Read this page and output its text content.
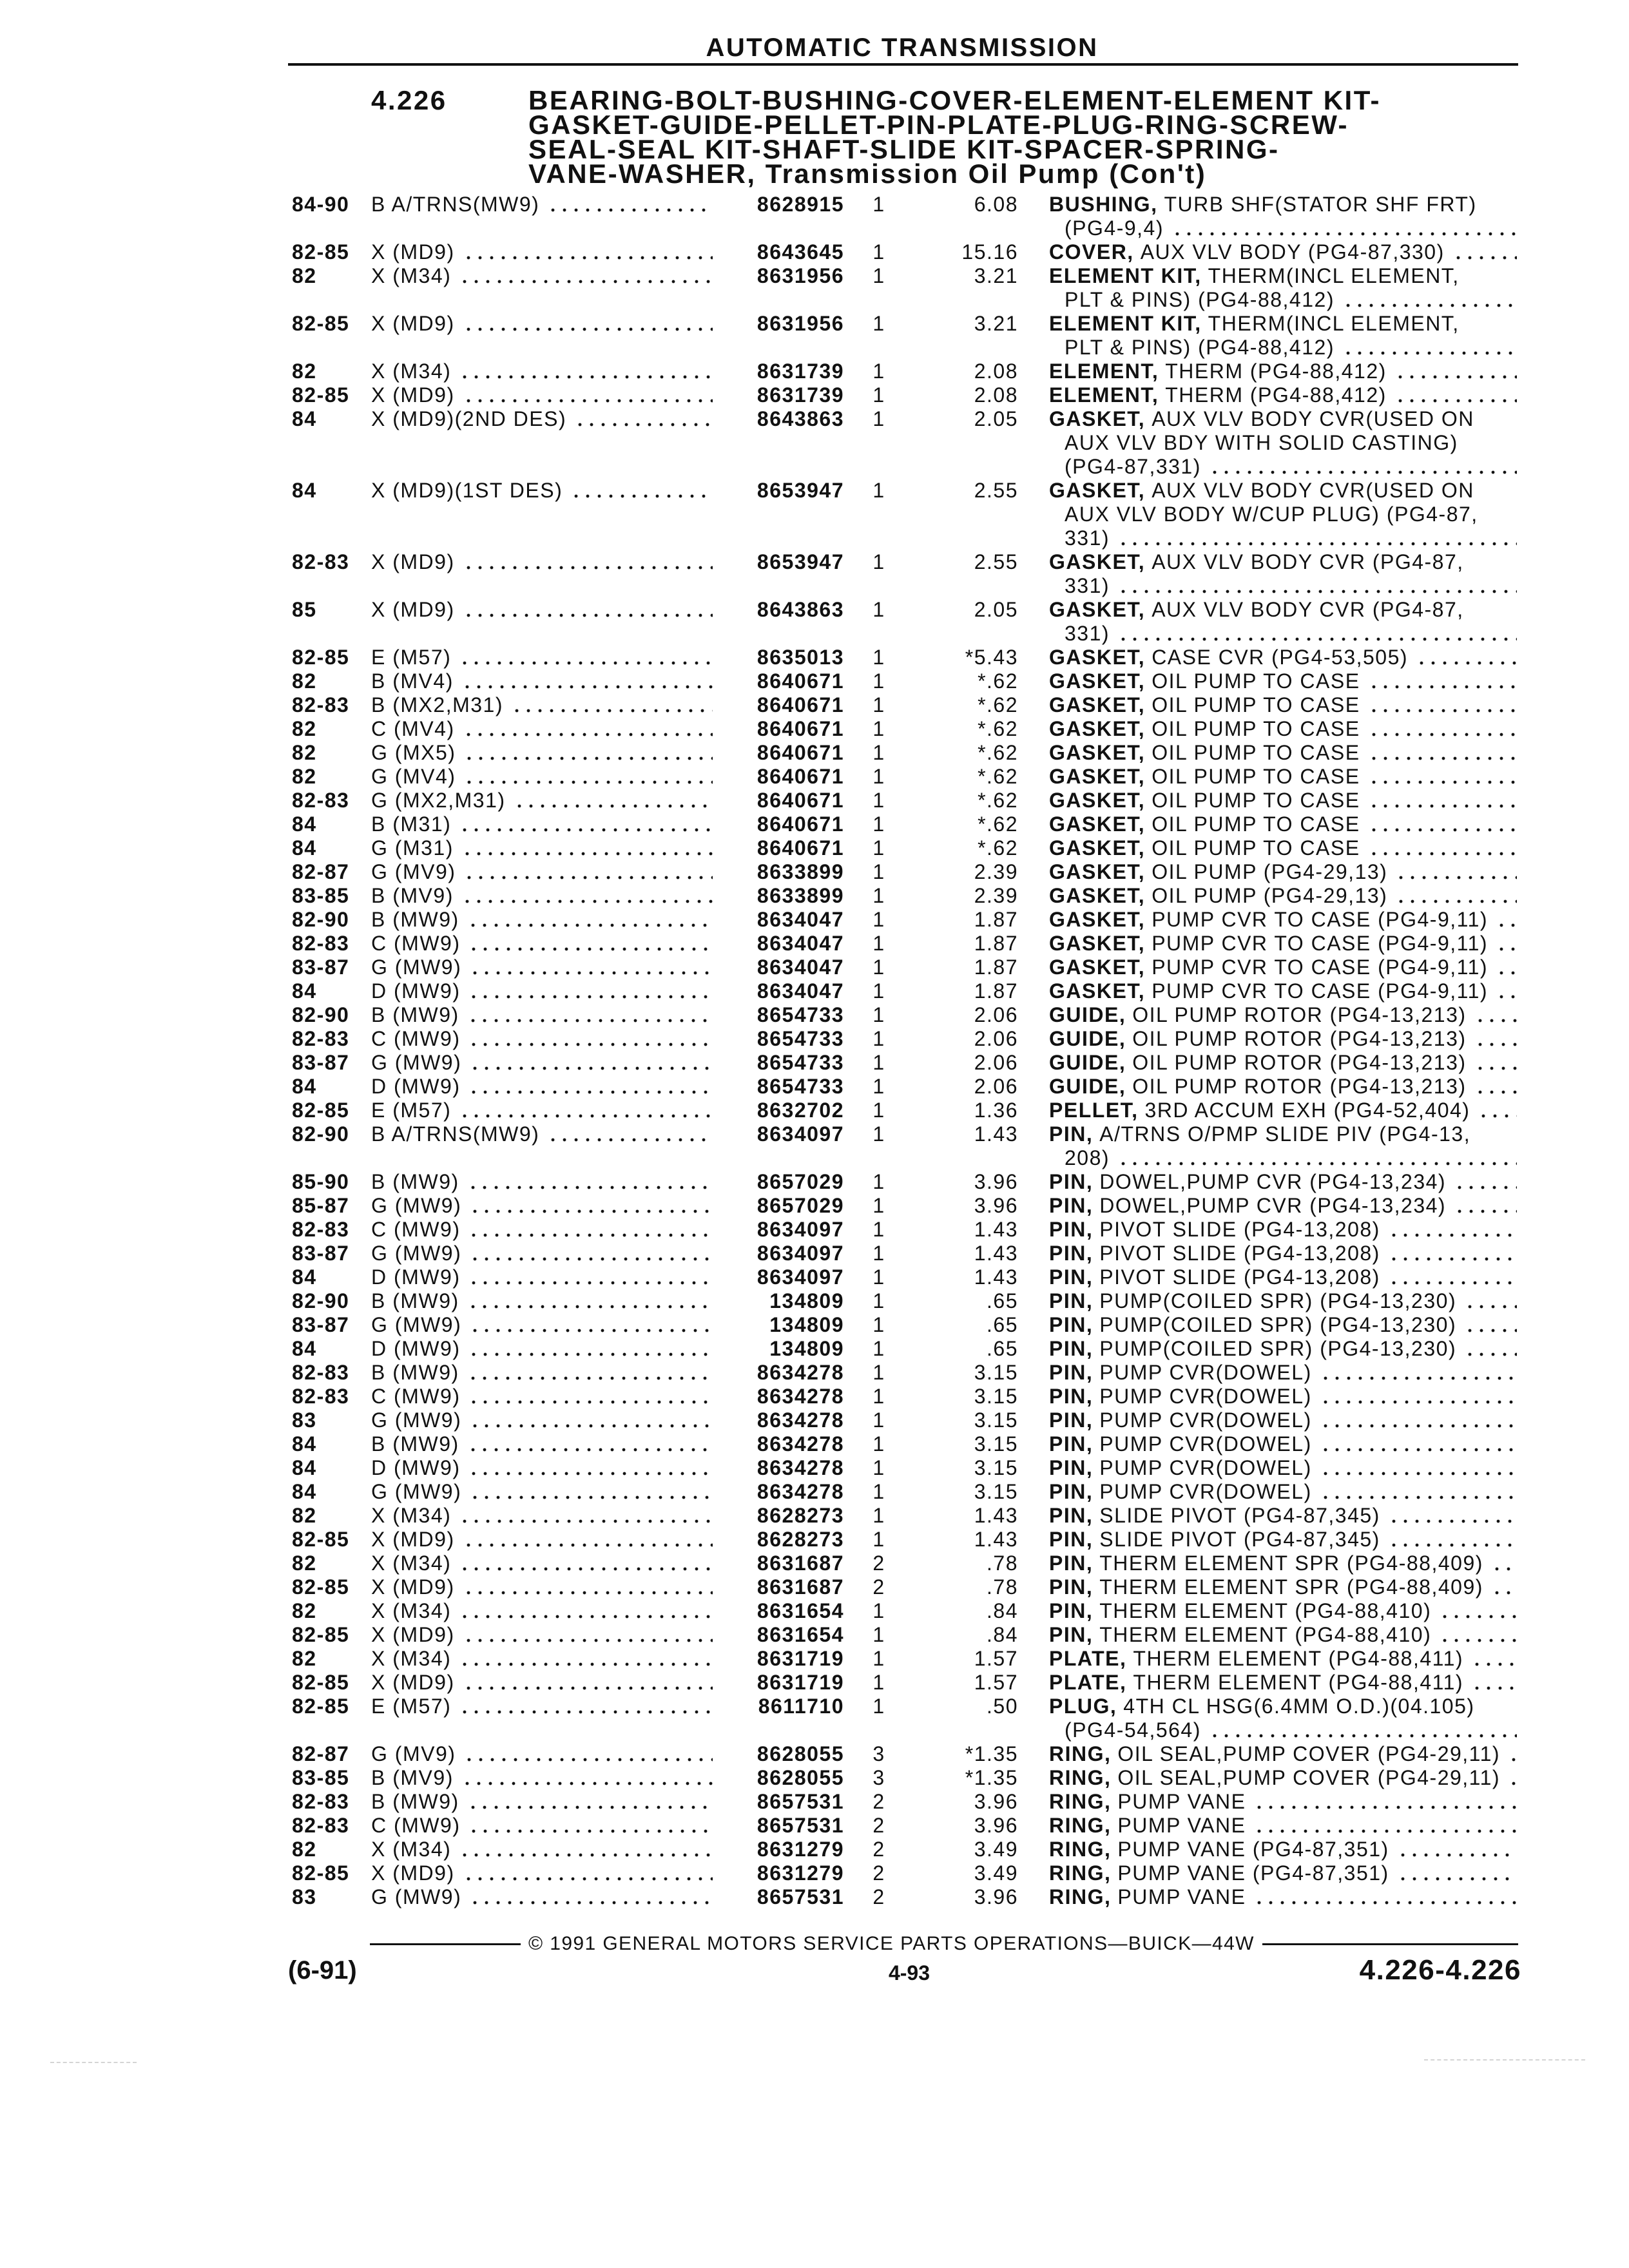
AUTOMATIC TRANSMISSION
4.226	BEARING-BOLT-BUSHING-COVER-ELEMENT-ELEMENT KIT-
GASKET-GUIDE-PELLET-PIN-PLATE-PLUG-RING-SCREW-
SEAL-SEAL KIT-SHAFT-SLIDE KIT-SPACER-SPRING-
VANE-WASHER, Transmission Oil Pump (Con't)
84-90 B A/TRNS(MW9)	8628915	1	6.08 BUSHING, TURB SHF(STATOR SHF FRT)
(PG4-9,4)
82-85 X (MD9)	8643645	1	15.16 COVER, AUX VLV BODY (PG4-87,330)
82	X (M34)	8631956	1	3.21 ELEMENT KIT, THERM(INCL ELEMENT,
PLT & PINS) (PG4-88,412)
82-85 X (MD9)	8631956	1	3.21 ELEMENT KIT, THERM(INCL ELEMENT,
PLT & PINS) (PG4-88,412)
82	X (M34)	8631739	1	2.08 ELEMENT, THERM (PG4-88,412)
82-85 X (MD9)	8631739	1	2.08 ELEMENT, THERM (PG4-88,412)
84	X (MD9)(2ND DES)	8643863	1	2.05 GASKET, AUX VLV BODY CVR(USED ON
AUX VLV BDY WITH SOLID CASTING)
(PG4-87,331)
84	X (MD9)(1ST DES)	8653947	1	2.55 GASKET, AUX VLV BODY CVR(USED ON
AUX VLV BODY W/CUP PLUG) (PG4-87,
331)
82-83 X (MD9)	8653947	1	2.55 GASKET, AUX VLV BODY CVR (PG4-87,
331)
85	X (MD9)	8643863	1	2.05 GASKET, AUX VLV BODY CVR (PG4-87,
331)
82-85 E (M57)	8635013	1	*5.43 GASKET, CASE CVR (PG4-53,505)
82	B (MV4)	8640671	1	*.62 GASKET, OIL PUMP TO CASE
82-83 B (MX2,M31)	8640671	1	*.62 GASKET, OIL PUMP TO CASE
82	C (MV4)	8640671	1	*.62 GASKET, OIL PUMP TO CASE
82	G (MX5)	8640671	1	*.62 GASKET, OIL PUMP TO CASE
82	G (MV4)	8640671	1	*.62 GASKET, OIL PUMP TO CASE
82-83 G (MX2,M31)	8640671	1	*.62 GASKET, OIL PUMP TO CASE
84	B (M31)	8640671	1	*.62 GASKET, OIL PUMP TO CASE
84	G (M31)	8640671	1	*.62 GASKET, OIL PUMP TO CASE
82-87 G (MV9)	8633899	1	2.39 GASKET, OIL PUMP (PG4-29,13)
83-85 B (MV9)	8633899	1	2.39 GASKET, OIL PUMP (PG4-29,13)
82-90 B (MW9)	8634047	1	1.87 GASKET, PUMP CVR TO CASE (PG4-9,11)
82-83 C (MW9)	8634047	1	1.87 GASKET, PUMP CVR TO CASE (PG4-9,11)
83-87 G (MW9)	8634047	1	1.87 GASKET, PUMP CVR TO CASE (PG4-9,11)
84	D (MW9)	8634047	1	1.87 GASKET, PUMP CVR TO CASE (PG4-9,11)
82-90 B (MW9)	8654733	1	2.06 GUIDE, OIL PUMP ROTOR (PG4-13,213)
82-83 C (MW9)	8654733	1	2.06 GUIDE, OIL PUMP ROTOR (PG4-13,213)
83-87 G (MW9)	8654733	1	2.06 GUIDE, OIL PUMP ROTOR (PG4-13,213)
84	D (MW9)	8654733	1	2.06 GUIDE, OIL PUMP ROTOR (PG4-13,213)
82-85 E (M57)	8632702	1	1.36 PELLET, 3RD ACCUM EXH (PG4-52,404)
82-90 B A/TRNS(MW9)	8634097	1	1.43 PIN, A/TRNS O/PMP SLIDE PIV (PG4-13,
208)
85-90 B (MW9)	8657029	1	3.96 PIN, DOWEL,PUMP CVR (PG4-13,234)
85-87 G (MW9)	8657029	1	3.96 PIN, DOWEL,PUMP CVR (PG4-13,234)
82-83 C (MW9)	8634097	1	1.43 PIN, PIVOT SLIDE (PG4-13,208)
83-87 G (MW9)	8634097	1	1.43 PIN, PIVOT SLIDE (PG4-13,208)
84	D (MW9)	8634097	1	1.43 PIN, PIVOT SLIDE (PG4-13,208)
82-90 B (MW9)	134809	1	.65 PIN, PUMP(COILED SPR) (PG4-13,230)
83-87 G (MW9)	134809	1	.65 PIN, PUMP(COILED SPR) (PG4-13,230)
84	D (MW9)	134809	1	.65 PIN, PUMP(COILED SPR) (PG4-13,230)
82-83 B (MW9)	8634278	1	3.15 PIN, PUMP CVR(DOWEL)
82-83 C (MW9)	8634278	1	3.15 PIN, PUMP CVR(DOWEL)
83	G (MW9)	8634278	1	3.15 PIN, PUMP CVR(DOWEL)
84	B (MW9)	8634278	1	3.15 PIN, PUMP CVR(DOWEL)
84	D (MW9)	8634278	1	3.15 PIN, PUMP CVR(DOWEL)
84	G (MW9)	8634278	1	3.15 PIN, PUMP CVR(DOWEL)
82	X (M34)	8628273	1	1.43 PIN, SLIDE PIVOT (PG4-87,345)
82-85 X (MD9)	8628273	1	1.43 PIN, SLIDE PIVOT (PG4-87,345)
82	X (M34)	8631687	2	.78 PIN, THERM ELEMENT SPR (PG4-88,409)
82-85 X (MD9)	8631687	2	.78 PIN, THERM ELEMENT SPR (PG4-88,409)
82	X (M34)	8631654	1	.84 PIN, THERM ELEMENT (PG4-88,410)
82-85 X (MD9)	8631654	1	.84 PIN, THERM ELEMENT (PG4-88,410)
82	X (M34)	8631719	1	1.57 PLATE, THERM ELEMENT (PG4-88,411)
82-85 X (MD9)	8631719	1	1.57 PLATE, THERM ELEMENT (PG4-88,411)
82-85 E (M57)	8611710	1	.50 PLUG, 4TH CL HSG(6.4MM O.D.)(04.105)
(PG4-54,564)
82-87 G (MV9)	8628055	3	*1.35 RING, OIL SEAL,PUMP COVER (PG4-29,11)
83-85 B (MV9)	8628055	3	*1.35 RING, OIL SEAL,PUMP COVER (PG4-29,11)
82-83 B (MW9)	8657531	2	3.96 RING, PUMP VANE
82-83 C (MW9)	8657531	2	3.96 RING, PUMP VANE
82	X (M34)	8631279	2	3.49 RING, PUMP VANE (PG4-87,351)
82-85 X (MD9)	8631279	2	3.49 RING, PUMP VANE (PG4-87,351)
83	G (MW9)	8657531	2	3.96 RING, PUMP VANE
© 1991 GENERAL MOTORS SERVICE PARTS OPERATIONS—BUICK—44W
(6-91)	4-93	4.226-4.226
